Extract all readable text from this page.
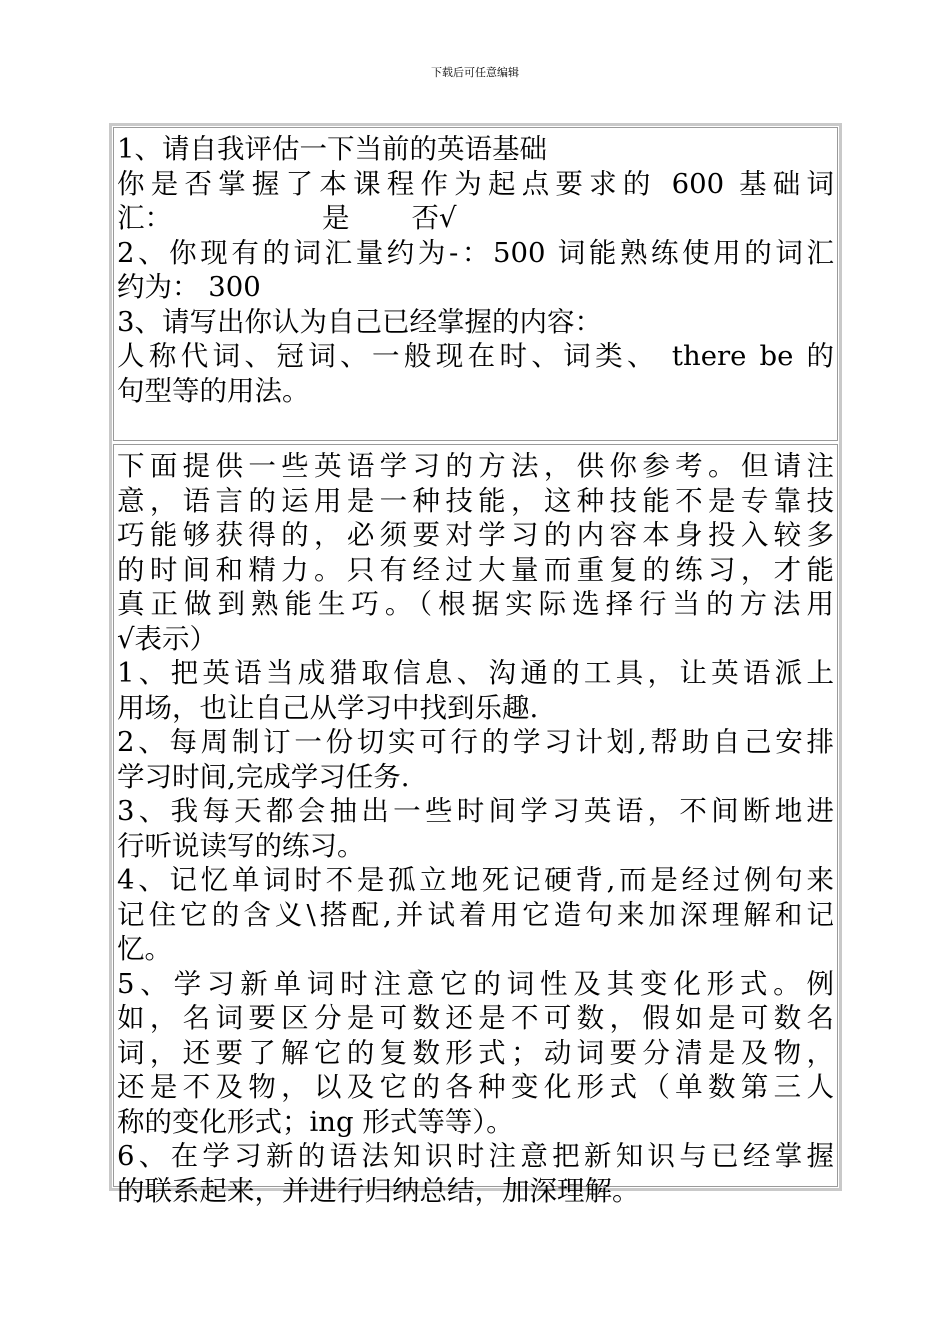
下载后可任意编辑
1、请自我评估一下当前的英语基础
你是否掌握了本课程作为起点要求的 600 基础词
汇：	是 否√
2、你现有的词汇量约为-：500 词能熟练使用的词汇
约为： 300
3、请写出你认为自己已经掌握的内容：
人称代词、冠词、一般现在时、词类、 there be 的
句型等的用法。
下面提供一些英语学习的方法，供你参考。但请注
意，语言的运用是一种技能，这种技能不是专靠技
巧能够获得的，必须要对学习的内容本身投入较多
的时间和精力。只有经过大量而重复的练习，才能
真正做到熟能生巧。（根据实际选择行当的方法用
√表示）
1、把英语当成猎取信息、沟通的工具，让英语派上
用场，也让自己从学习中找到乐趣.
2、每周制订一份切实可行的学习计划,帮助自己安排
学习时间,完成学习任务.
3、我每天都会抽出一些时间学习英语，不间断地进
行听说读写的练习。
4、记忆单词时不是孤立地死记硬背,而是经过例句来
记住它的含义\搭配,并试着用它造句来加深理解和记
忆。
5、学习新单词时注意它的词性及其变化形式。例
如，名词要区分是可数还是不可数，假如是可数名
词，还要了解它的复数形式；动词要分清是及物，
还是不及物，以及它的各种变化形式（单数第三人
称的变化形式；ing 形式等等）。
6、在学习新的语法知识时注意把新知识与已经掌握
的联系起来，并进行归纳总结，加深理解。
